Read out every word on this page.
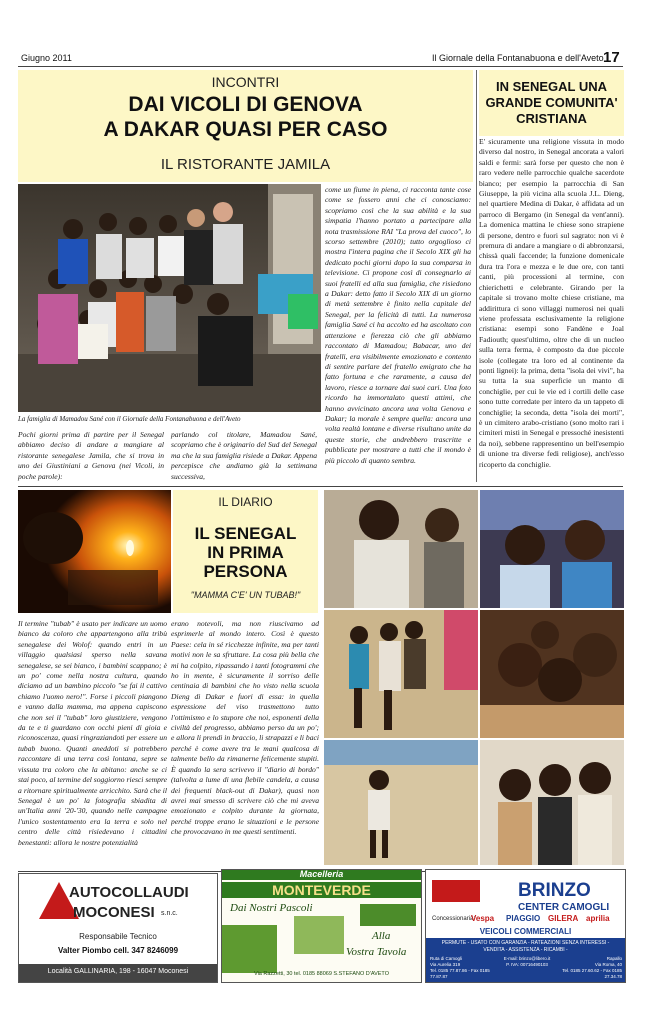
Giugno 2011	Il Giornale della Fontanabuona e dell'Aveto 17
INCONTRI
DAI VICOLI DI GENOVA
A DAKAR QUASI PER CASO
IL RISTORANTE JAMILA
La famiglia di Mamadou Sané con il Giornale della Fontanabuona e dell'Aveto
Pochi giorni prima di partire per il Senegal abbiamo deciso di andare a mangiare al ristorante senegalese Jamila, che si trova in uno dei Giustiniani a Genova (nei Vicoli, in poche parole):
parlando col titolare, Mamadou Sané, scopriamo che è originario del Sud del Senegal ma che la sua famiglia risiede a Dakar. Appena percepisce che andiamo già la settimana successiva,
come un fiume in piena, ci racconta tante cose come se fossero anni che ci conosciamo: scopriamo così che la sua abilità e la sua simpatia l'hanno portato a partecipare alla nota trasmissione RAI "La prova del cuoco", lo scorso settembre (2010); tutto orgoglioso ci mostra l'intera pagina che il Secolo XIX gli ha dedicato pochi giorni dopo la sua comparsa in televisione. Ci propone così di consegnarlo ai suoi fratelli ed alla sua famiglia, che risiedono a Dakar: detto fatto il Secolo XIX di un giorno di metà settembre è finito nella capitale del Senegal, per la felicità di tutti. La numerosa famiglia Sané ci ha accolto ed ha ascoltato con attenzione e fierezza ciò che gli abbiamo raccontato di Mamadou; Babacar, uno dei fratelli, era visibilmente emozionato e contento di sentire parlare del fratello emigrato che ha fatto fortuna e che raramente, a causa del lavoro, riesce a tornare dai suoi cari. Una foto ricordo ha immortalato questi attimi, che hanno avvicinato ancora una volta Genova e Dakar; la morale è sempre quella: ancora una volta realtà lontane e diverse risultano unite da queste storie, che andrebbero trascritte e pubblicate per mostrare a tutti che il mondo è più piccolo di quanto sembra.
IN SENEGAL UNA
GRANDE COMUNITA'
CRISTIANA
E' sicuramente una religione vissuta in modo diverso dal nostro, in Senegal ancorata a valori saldi e fermi: sarà forse per questo che non è raro vedere nelle parrocchie qualche sacerdote bianco; per esempio la parrocchia di San Giuseppe, la più vicina alla scuola J.L. Dieng, nel quartiere Medina di Dakar, è affidata ad un parroco di Bergamo (in Senegal da vent'anni). La domenica mattina le chiese sono strapiene di persone, dentro e fuori sul sagrato: non vi è premura di andare a mangiare o di abbronzarsi, chissà quali faccende; la funzione domenicale dura tra l'ora e mezza e le due ore, con tanti canti, più processioni al termine, con chierichetti e celebrante. Girando per la capitale si trovano molte chiese cristiane, ma addirittura ci sono villaggi numerosi nei quali viene professata esclusivamente la religione cristiana: esempi sono Fandène e Joal Fadiouth; quest'ultimo, oltre che di un nucleo sulla terra ferma, è composto da due piccole isole (collegate tra loro ed al continente da ponti lignei): la prima, detta "isola dei vivi", ha su tutta la sua superficie un manto di conchiglie, per cui le vie ed i cortili delle case sono tutte corredate per intero da un tappeto di conchiglie; la seconda, detta "isola dei morti", è un cimitero arabo-cristiano (sono molto rari i cimiteri misti in Senegal e pressoché inesistenti da noi), sebbene rappresentino un bell'esempio di unione tra diverse fedi religiose), anch'esso ricoperto da conchiglie.
IL DIARIO
IL SENEGAL
IN PRIMA
PERSONA
"MAMMA C'E' UN TUBAB!"
Il termine "tubab" è usato per indicare un uomo bianco da coloro che appartengono alla tribù senegalese dei Wolof: quando entri in un villaggio qualsiasi sperso nella savana senegalese, se sei bianco, i bambini scappano; è un po' come nella nostra cultura, quando diciamo ad un bambino piccolo "se fai il cattivo chiamo l'uomo nero!". Forse i piccoli piangono e vanno dalla mamma, ma appena capiscono che non sei il "tubab" loro giustiziere, vengono da te e ti guardano con occhi pieni di gioia e riconoscenza, quasi ringraziandoti per essere un tubab buono. Quanti aneddoti si potrebbero raccontare di una terra così lontana, sepre se vissuta tra coloro che la abitano: anche se ci stai poco, al termine del soggiorno riesci sempre a ritornare spiritualmente arricchito. Sarà che il Senegal è un po' la fotografia sbiadita di un'Italia anni '20-'30, quando nelle campagne l'unico sostentamento era la terra e solo nel centro delle città risiedevano i cittadini benestanti: allora le nostre potenzialità
erano notevoli, ma non riuscivamo ad esprimerle al mondo intero. Così è questo Paese: cela in sé ricchezze infinite, ma per tanti motivi non le sa sfruttare. La cosa più bella che mi ha colpito, ripassando i tanti fotogrammi che ho in mente, è sicuramente il sorriso delle centinaia di bambini che ho visto nella scuola Dieng di Dakar e fuori di essa: in quella espressione del viso trasmettono tutto l'ottimismo e lo stupore che noi, esponenti della civiltà del progresso, abbiamo perso da un po'; e allora li prendi in braccio, li strapazzi e li baci perché è come avere tra le mani qualcosa di talmente bello da rimanerne felicemente stupiti. È quando la sera scrivevo il "diario di bordo" (talvolta a lume di una flebile candela, a causa dei frequenti black-out di Dakar), quasi non avrei mai smesso di scrivere ciò che mi aveva emozionato e colpito durante la giornata, perché troppe erano le situazioni e le persone che provocavano in me questi sentimenti.
AUTOCOLLAUDI
MOCONESI s.n.c.
Responsabile Tecnico
Valter Piombo cell. 347 8246099
Località GALLINARIA, 198 - 16047 Moconesi
Macelleria
MONTEVERDE
Dai Nostri Pascoli
Alla
Vostra Tavola
Via Razzetti, 30 tel. 0185 88069 S.STEFANO D'AVETO
BRINZO
CENTER CAMOGLI
Concessionaria:
Vespa PIAGGIO GILERA aprilia
VEICOLI COMMERCIALI
PERMUTE - USATO CON GARANZIA - RATEAZIONI SENZA INTERESSI -
VENDITA - ASSISTENZA - RICAMBI -
Ruta di Camogli
Via Aurelia 319
Tel. 0185 77.87.86 - Fax 0185 77.87.87
E-mail: brinzo@libero.it
P. IVA: 00716490103
Rapallo
Via Roma, 40
Tel. 0185 27.60.62 - Fax 0185 27.34.78
